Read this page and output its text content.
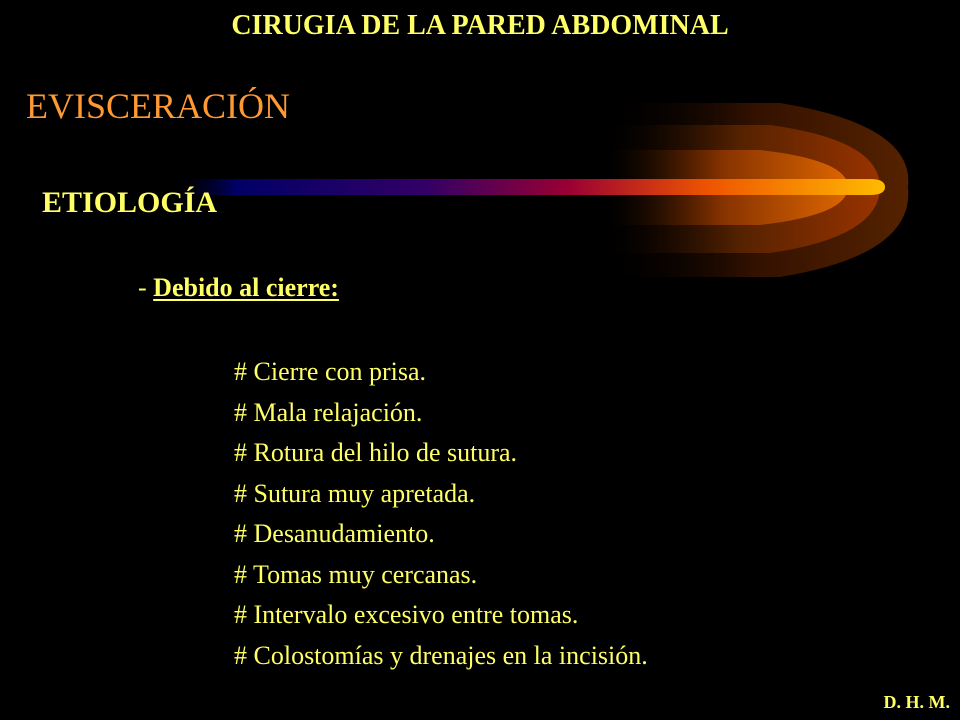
CIRUGIA DE LA PARED ABDOMINAL
EVISCERACIÓN
ETIOLOGÍA
- Debido al cierre:
# Cierre con prisa.
# Mala relajación.
# Rotura del hilo de sutura.
# Sutura muy apretada.
# Desanudamiento.
# Tomas muy cercanas.
# Intervalo excesivo entre tomas.
# Colostomías y drenajes en la incisión.
D. H. M.
